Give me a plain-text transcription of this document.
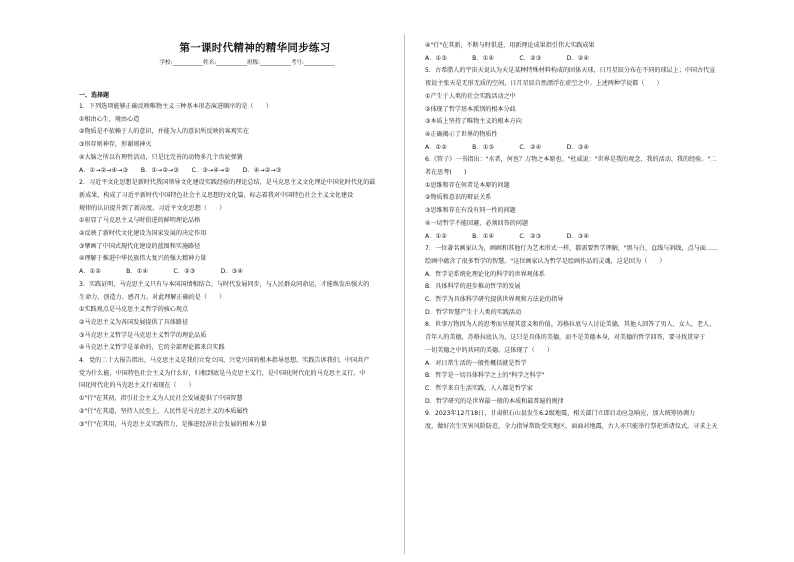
第一课时代精神的精华同步练习
学校:___________姓名:___________班级:___________考号:___________
一、选择题
1．下列选项能够正确反映唯物主义三种基本形态演进顺序的是（　　）
①相由心生，境由心造
②物质是不依赖于人的意识，并能为人的意识所反映的客观实在
③形存则神存，形谢则神灭
④大脑之所以有理性活动，只是比完善的动物多几个齿轮弹簧
A．①→②→④→③　　B．①→②→③　　C．③→④→②　　D．④→②→③
2．习近平文化思想是新时代我国领导文化建设实践经验的理论总结，是马克思主义文化理论中国化时代化的最
新成果，构成了习近平新时代中国特色社会主义思想的文化篇，标志着我对中国特色社会主义文化建设
规律的认识提升到了新高度。习近平文化思想（　　）
①彰显了马克思主义与时俱进的鲜明理论品格
②反映了新时代文化建设为国家发展的决定作用
③擘画了中国式现代化建设的蓝图和实施路径
④理解于推进中华民族伟大复兴的强大精神力量
A．①②　　　　B．①④　　　　C．②③　　　　D．③④
3．实践证明，马克思主义只有与本国国情相结合，与时代发展同步，与人民群众同命运，才能焕发出强大的
生命力、创造力、感召力。对此理解正确的是（　　）
①实践观点是马克思主义哲学的核心观点
②马克思主义为各国发展提供了具体路径
③马克思主义哲学是马克思主义哲学的理论品质
④马克思主义哲学是革命的，它的全部理论都来自实践
4．党的二十大报告指出，马克思主义是我们立党立国、兴党兴国的根本指导思想。实践告诉我们，中国共产
党为什么能，中国特色社会主义为什么好，归根到底是马克思主义行，是中国化时代化的马克思主义行。中
国化时代化的马克思主义行表现在（　　）
①"行"在其初，指引社会主义为人民社会发展提供了中国智慧
②"行"在其道，坚持人民至上，人民性是马克思主义的本质属性
③"行"在其用，马克思主义实践伟力，是推进经济社会发展的根本力量
④"行"在其新，不断与时俱进，用新理论成果指引伟大实践成果
A．①③　　　　B．①④　　　　C．②③　　　　D．②④
5．古希腊人的宇宙天说认为天是某种特殊材料构成的固体天球，日月星辰分布在不同的球层上；中国古代宣
夜说主张天是无形无质的空间，日月星辰自然漂浮在虚空之中。上述两种学说都（　　）
①产生于人类的社会实践活动之中
②体现了哲学基本派别的根本分歧
③本质上坚持了唯物主义的根本方向
④正确揭示了世界的物质性
A．①②　　　　B．①③　　　　C．②④　　　　D．③④
6.《管子》一书指出："水者，何也？万物之本原也。"杜威说："世界是我的观念、我的活动、我的经验。"二
者在思考(　　)
①思维和存在何者是本原的问题
②物质和意识的辩证关系
③思维和存在有没有同一性的问题
④一切哲学不能回避、必须回答的问题
A．①②　　　　B．①④　　　　C．②③　　　　D．③④
7．一位著名画家认为，画画和其他行为艺术形式一样，都需要哲学理解，"黑与白，直线与斜线，点与面……
绘画中蕴含了很多哲学的智慧。"这位画家认为哲学是绘画作品的灵魂，这是因为（　　）
A．哲学是系统化理论化的科学的世界观体系
B．具体科学的进步推动哲学的发展
C．哲学为具体科学研究提供世界观和方法论的指导
D．哲学智慧产生于人类的实践活动
8．世事万物因为人的思考而呈现其意义和价值。苏格拉底与人讨论美德，其他人回答了男人、女人、老人、
青年人的美德，苏格拉底认为，这只是具体的美德，而不是美德本身，对美德的哲学回答，要寻找贯穿于
一切美德之中的共同的美德。这体现了（　　）
A．对日常生活的一般性概括就是哲学
B．哲学是一切具体科学之上的"科学之科学"
C．哲学来自生活实践，人人都是哲学家
D．哲学研究的是世界最一般的本质和最普遍的规律
9．2023年12月18日，甘肃积石山县发生6.2级地震，相关部门立即启动应急响应，加大统筹协调力
度，做好次生灾害风险防范，全力指导帮助受灾地区，面面对地震，古人亦只能举行祭祀诉诸仪式，寻求上天
